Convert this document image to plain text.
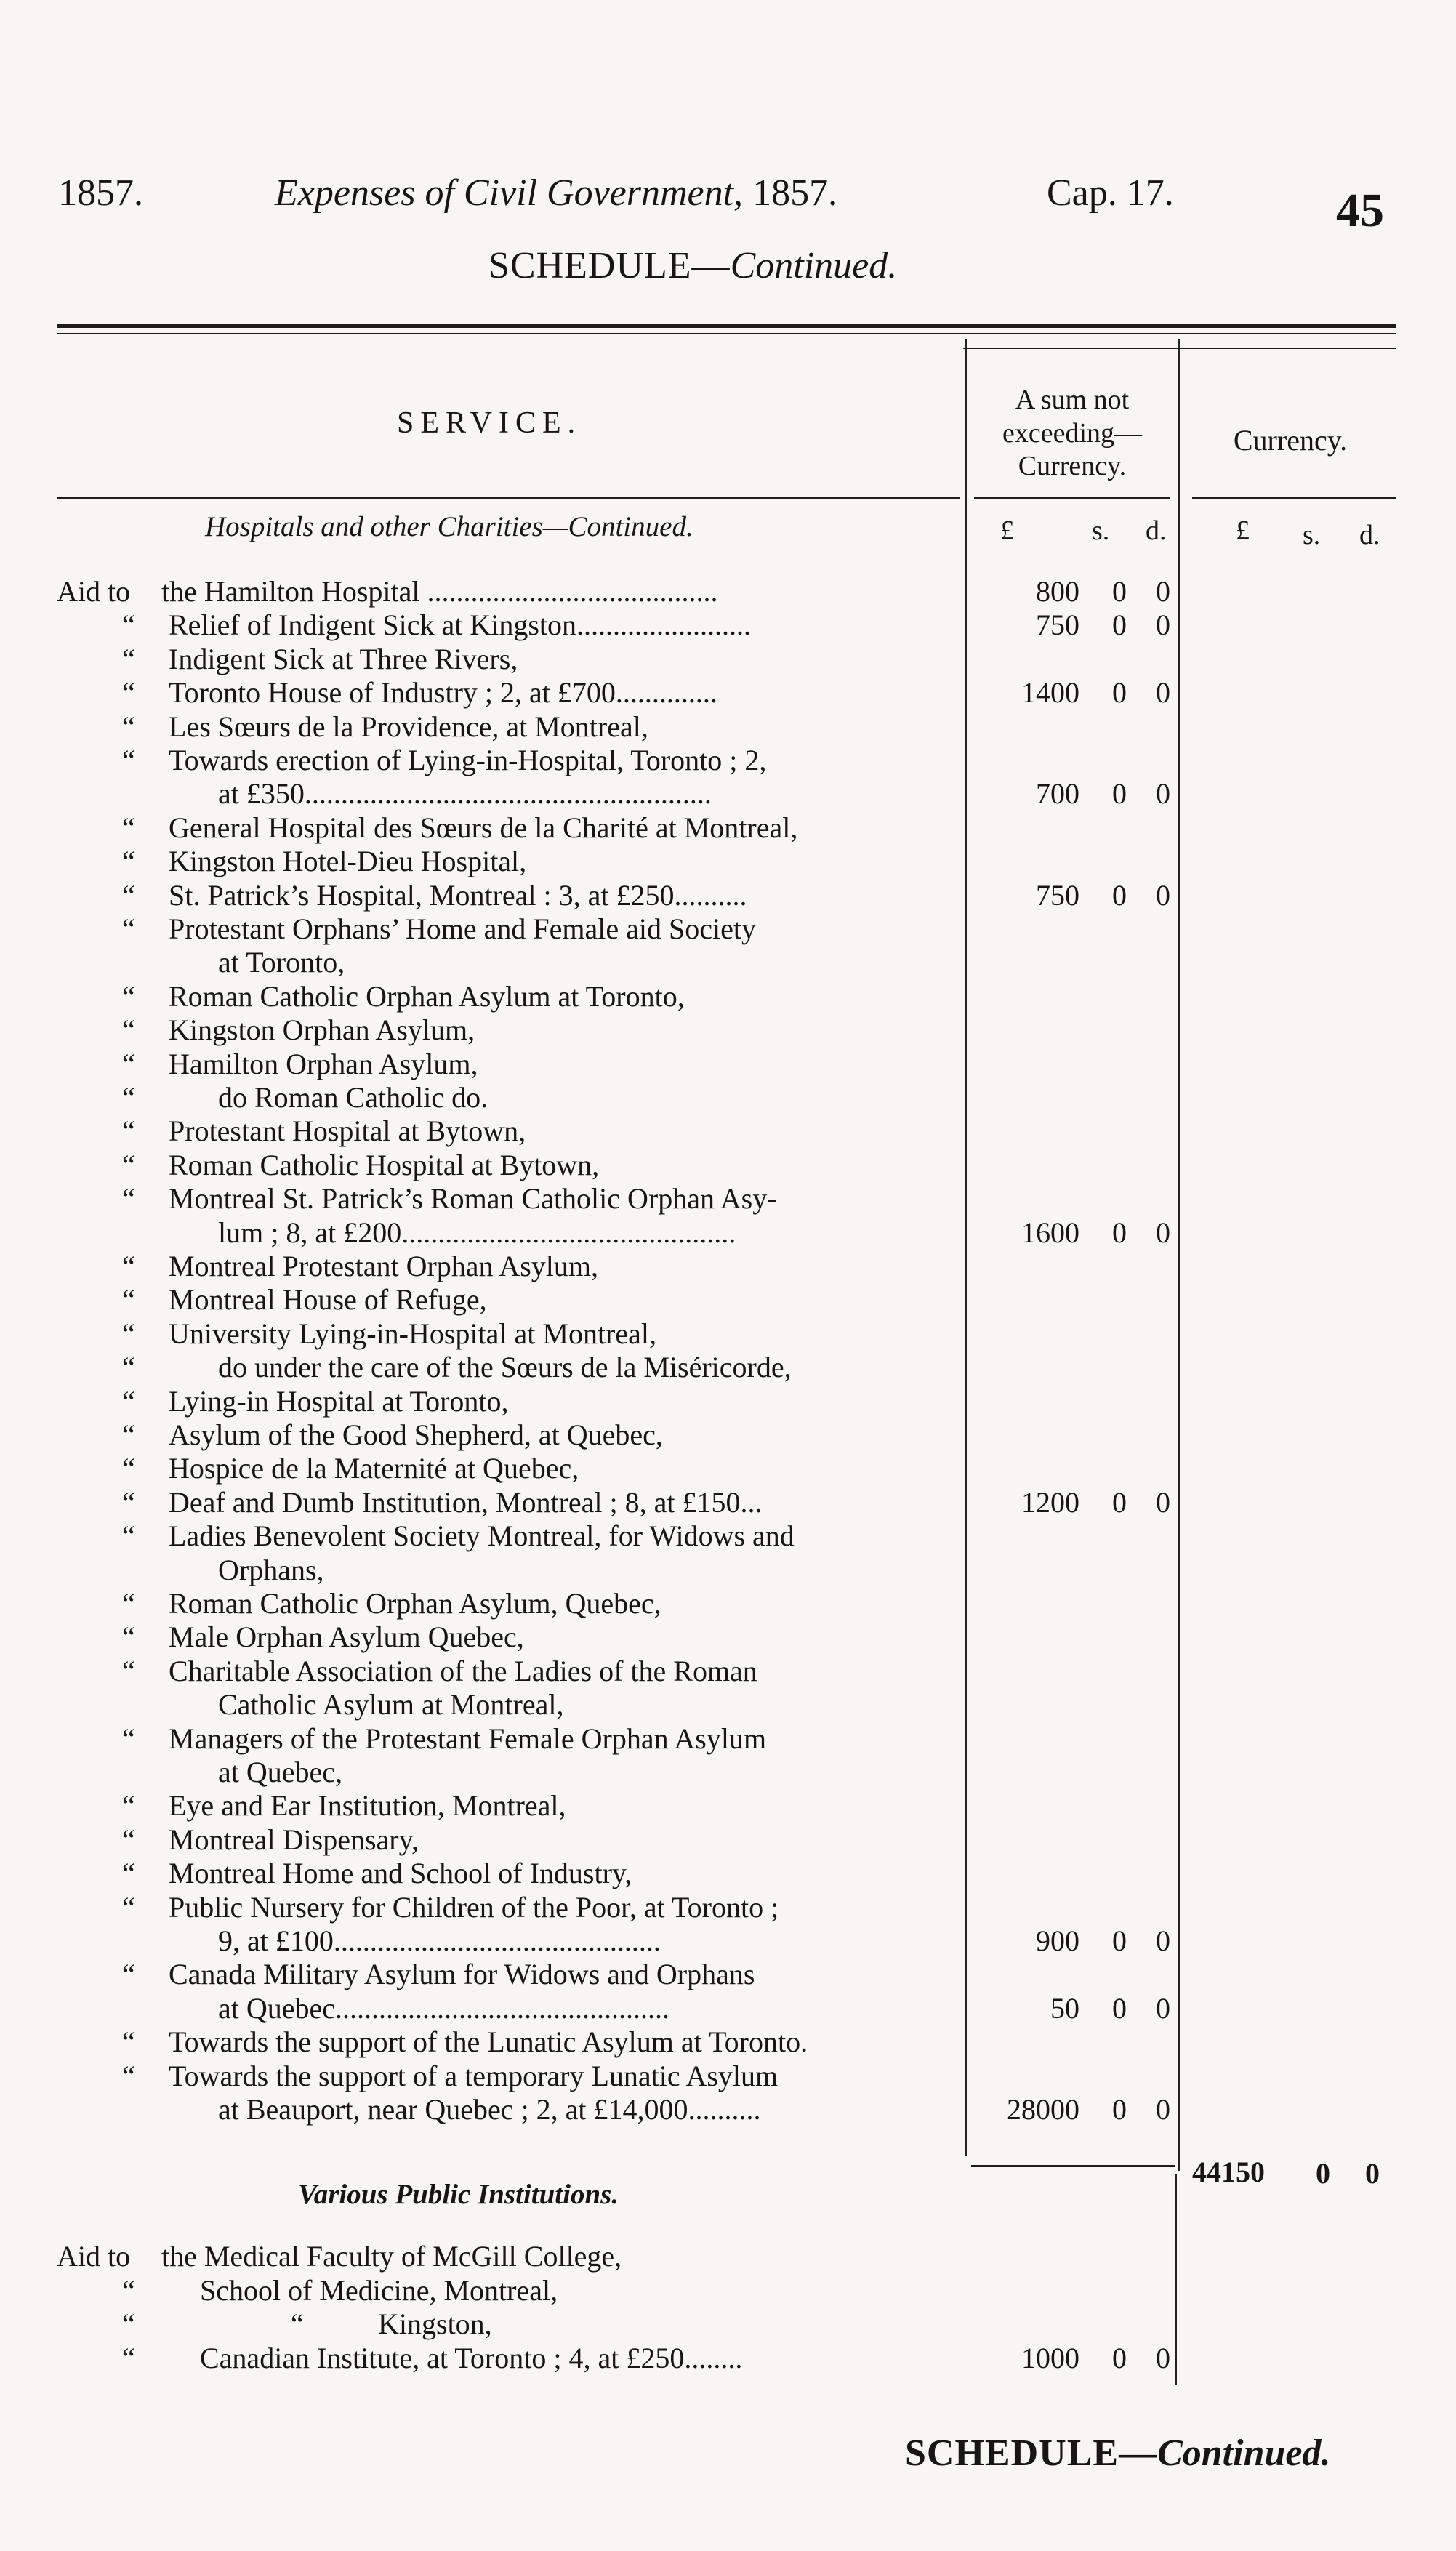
1857.	Expenses of Civil Government, 1857.	Cap. 17.	45
SCHEDULE—Continued.
SERVICE.
A sum not
exceeding—
Currency.
Currency.
Hospitals and other Charities—Continued.	£	s. d.	£ s. d.
Aid to the Hamilton Hospital ........................................	800 0 0
“ Relief of Indigent Sick at Kingston........................	750 0 0
“ Indigent Sick at Three Rivers,
“ Toronto House of Industry ; 2, at £700..............	1400 0 0
“ Les Sœurs de la Providence, at Montreal,
“ Towards erection of Lying-in-Hospital, Toronto ; 2,
at £350........................................................	700 0 0
“ General Hospital des Sœurs de la Charité at Montreal,
“ Kingston Hotel-Dieu Hospital,
“ St. Patrick’s Hospital, Montreal : 3, at £250..........	750 0 0
“ Protestant Orphans’ Home and Female aid Society
at Toronto,
“ Roman Catholic Orphan Asylum at Toronto,
“ Kingston Orphan Asylum,
“ Hamilton Orphan Asylum,
“	do Roman Catholic do.
“ Protestant Hospital at Bytown,
“ Roman Catholic Hospital at Bytown,
“ Montreal St. Patrick’s Roman Catholic Orphan Asy-
lum ; 8, at £200..............................................	1600 0 0
“ Montreal Protestant Orphan Asylum,
“ Montreal House of Refuge,
“ University Lying-in-Hospital at Montreal,
“	do under the care of the Sœurs de la Miséricorde,
“ Lying-in Hospital at Toronto,
“ Asylum of the Good Shepherd, at Quebec,
“ Hospice de la Maternité at Quebec,
“ Deaf and Dumb Institution, Montreal ; 8, at £150...	1200 0 0
“ Ladies Benevolent Society Montreal, for Widows and
Orphans,
“ Roman Catholic Orphan Asylum, Quebec,
“ Male Orphan Asylum Quebec,
“ Charitable Association of the Ladies of the Roman
Catholic Asylum at Montreal,
“ Managers of the Protestant Female Orphan Asylum
at Quebec,
“ Eye and Ear Institution, Montreal,
“ Montreal Dispensary,
“ Montreal Home and School of Industry,
“ Public Nursery for Children of the Poor, at Toronto ;
9, at £100.............................................	900 0 0
“ Canada Military Asylum for Widows and Orphans
at Quebec..............................................	50 0 0
“ Towards the support of the Lunatic Asylum at Toronto.
“ Towards the support of a temporary Lunatic Asylum
at Beauport, near Quebec ; 2, at £14,000..........	28000 0 0
44150 0 0
Various Public Institutions.
Aid to the Medical Faculty of McGill College,
“ School of Medicine, Montreal,
“	“	Kingston,
“ Canadian Institute, at Toronto ; 4, at £250........	1000 0 0
SCHEDULE—Continued.
